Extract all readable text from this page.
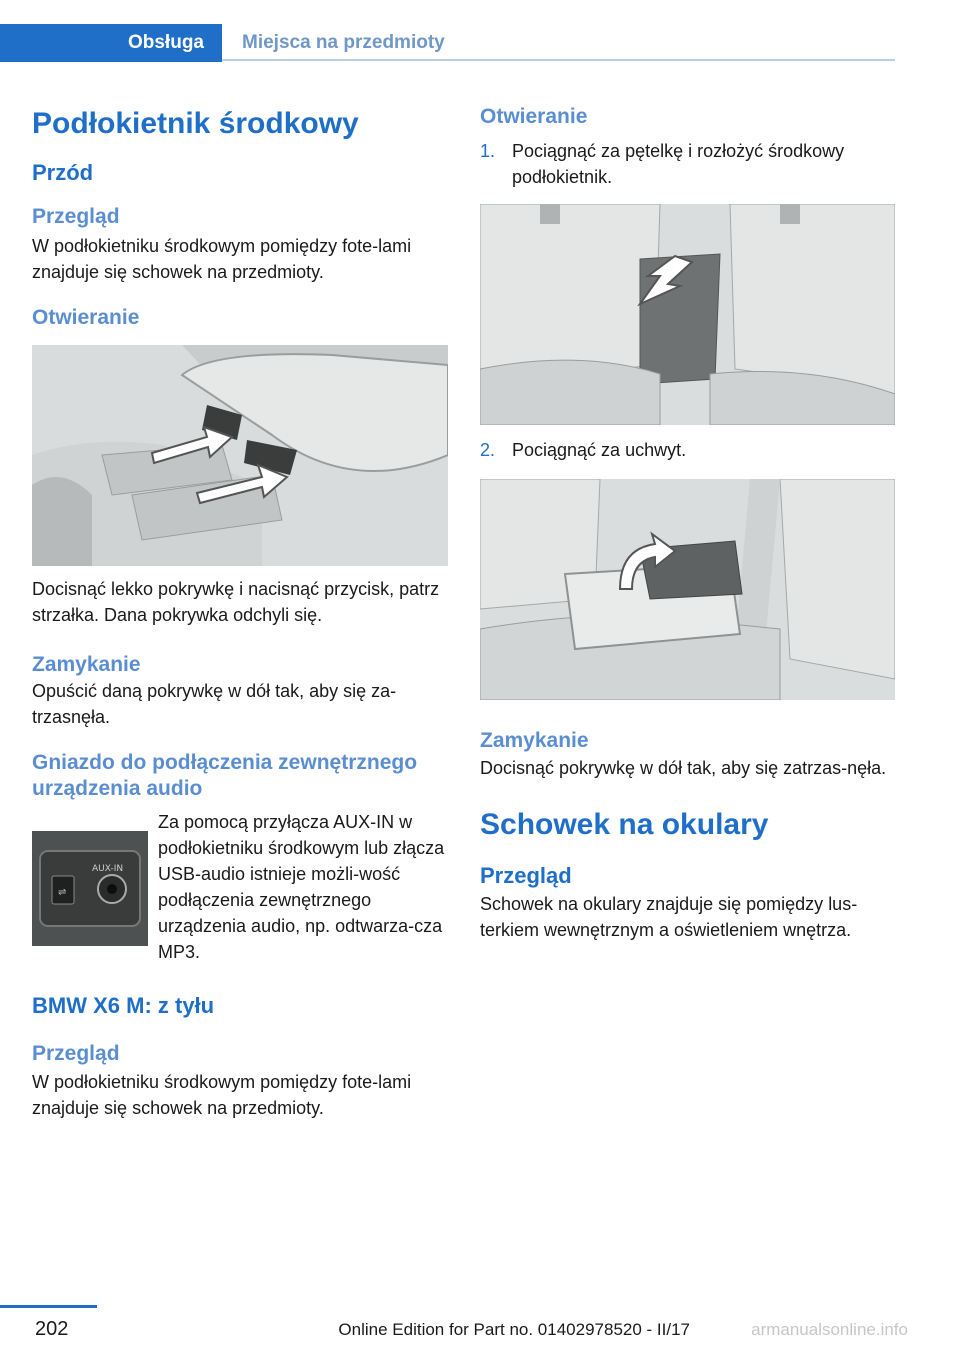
Obsługa	Miejsca na przedmioty
Podłokietnik środkowy
Przód
Przegląd

W podłokietniku środkowym pomiędzy fote‐lami znajduje się schowek na przedmioty.

Otwieranie

Docisnąć lekko pokrywkę i nacisnąć przycisk, patrz strzałka. Dana pokrywka odchyli się.

Zamykanie

Opuścić daną pokrywkę w dół tak, aby się za‐trzasnęła.

Gniazdo do podłączenia zewnętrznego urządzenia audio
⇌
AUX-IN

Za pomocą przyłącza AUX-IN w podłokietniku środkowym lub złącza USB-audio istnieje możli‐wość podłączenia zewnętrznego urządzenia audio, np. odtwarza‐cza MP3.

BMW X6 M: z tyłu
Przegląd

W podłokietniku środkowym pomiędzy fote‐lami znajduje się schowek na przedmioty.

Otwieranie
1. Pociągnąć za pętelkę i rozłożyć środkowy podłokietnik.
2. Pociągnąć za uchwyt.
Zamykanie

Docisnąć pokrywkę w dół tak, aby się zatrzas‐nęła.

Schowek na okulary
Przegląd

Schowek na okulary znajduje się pomiędzy lus‐terkiem wewnętrznym a oświetleniem wnętrza.

202	Online Edition for Part no. 01402978520 - II/17	armanualsonline.info
